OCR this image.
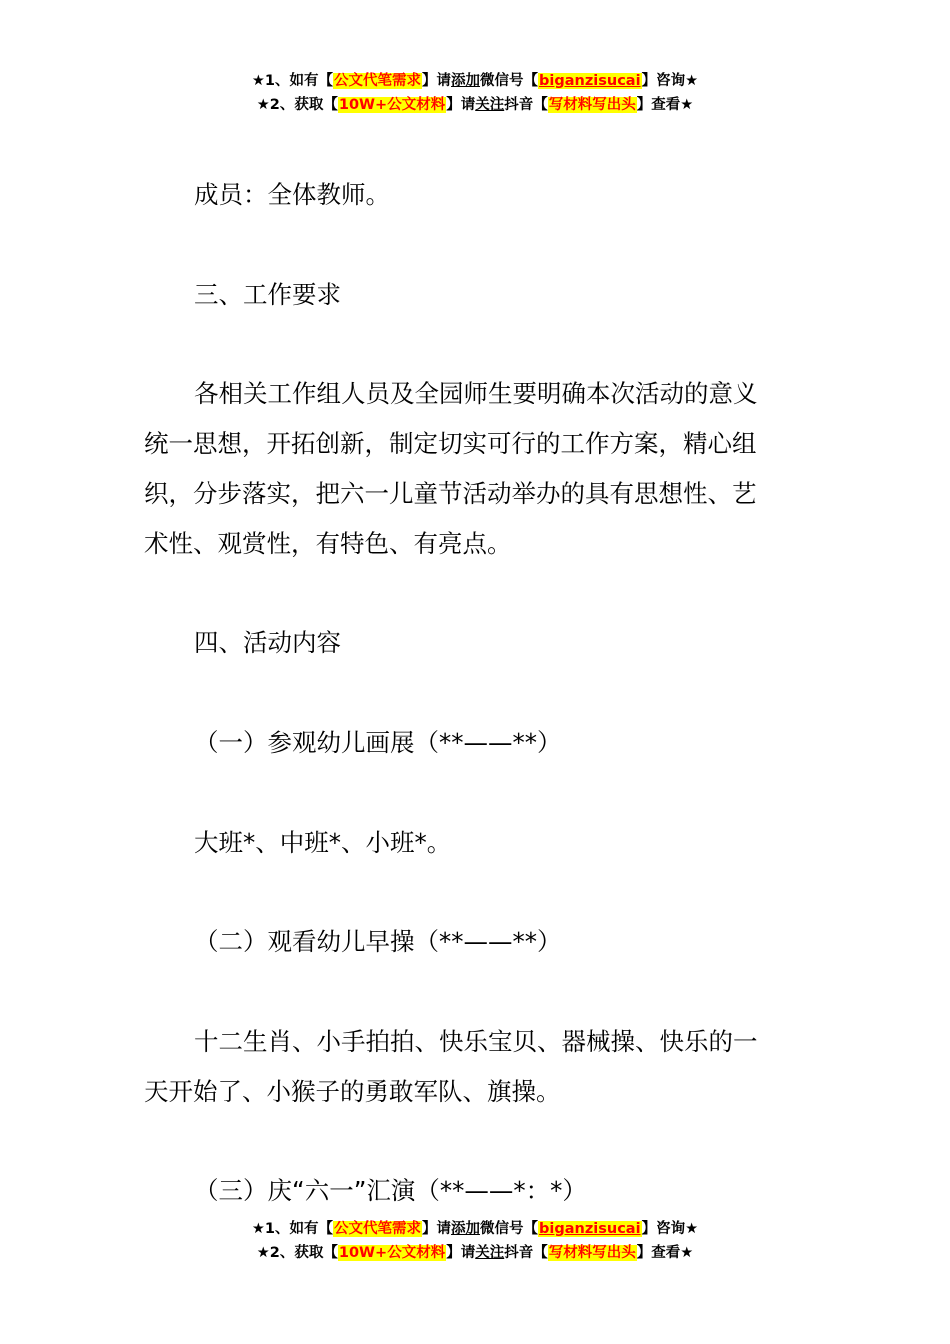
★1、如有【公文代笔需求】请添加微信号【biganzisucai】咨询★
★2、获取【10W+公文材料】请关注抖音【写材料写出头】查看★
成员：全体教师。
三、工作要求
各相关工作组人员及全园师生要明确本次活动的意义
统一思想，开拓创新，制定切实可行的工作方案，精心组
织，分步落实，把六一儿童节活动举办的具有思想性、艺
术性、观赏性，有特色、有亮点。
四、活动内容
（一）参观幼儿画展（**——**）
大班*、中班*、小班*。
（二）观看幼儿早操（**——**）
十二生肖、小手拍拍、快乐宝贝、器械操、快乐的一
天开始了、小猴子的勇敢军队、旗操。
（三）庆“六一”汇演（**——*：*）
★1、如有【公文代笔需求】请添加微信号【biganzisucai】咨询★
★2、获取【10W+公文材料】请关注抖音【写材料写出头】查看★
